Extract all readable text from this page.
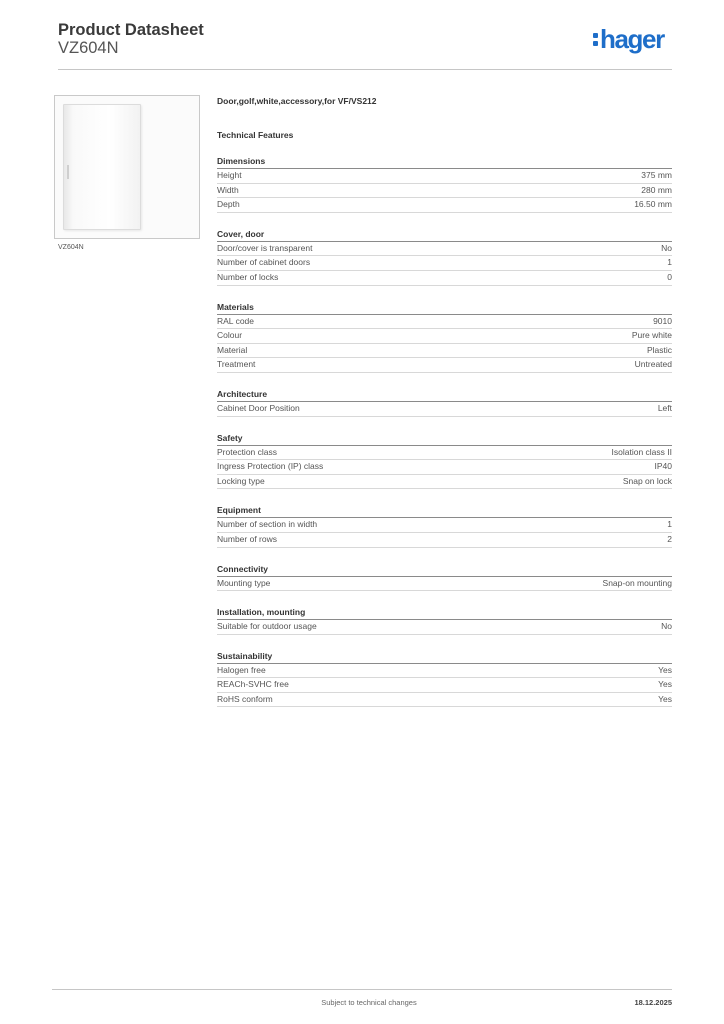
Product Datasheet
VZ604N	hager
VZ604N
Door,golf,white,accessory,for VF/VS212
Technical Features
Dimensions
Height	375 mm
Width	280 mm
Depth	16.50 mm
Cover, door
Door/cover is transparent	No
Number of cabinet doors	1
Number of locks	0
Materials
RAL code	9010
Colour	Pure white
Material	Plastic
Treatment	Untreated
Architecture
Cabinet Door Position	Left
Safety
Protection class	Isolation class II
Ingress Protection (IP) class	IP40
Locking type	Snap on lock
Equipment
Number of section in width	1
Number of rows	2
Connectivity
Mounting type	Snap-on mounting
Installation, mounting
Suitable for outdoor usage	No
Sustainability
Halogen free	Yes
REACh-SVHC free	Yes
RoHS conform	Yes
Subject to technical changes	18.12.2025
